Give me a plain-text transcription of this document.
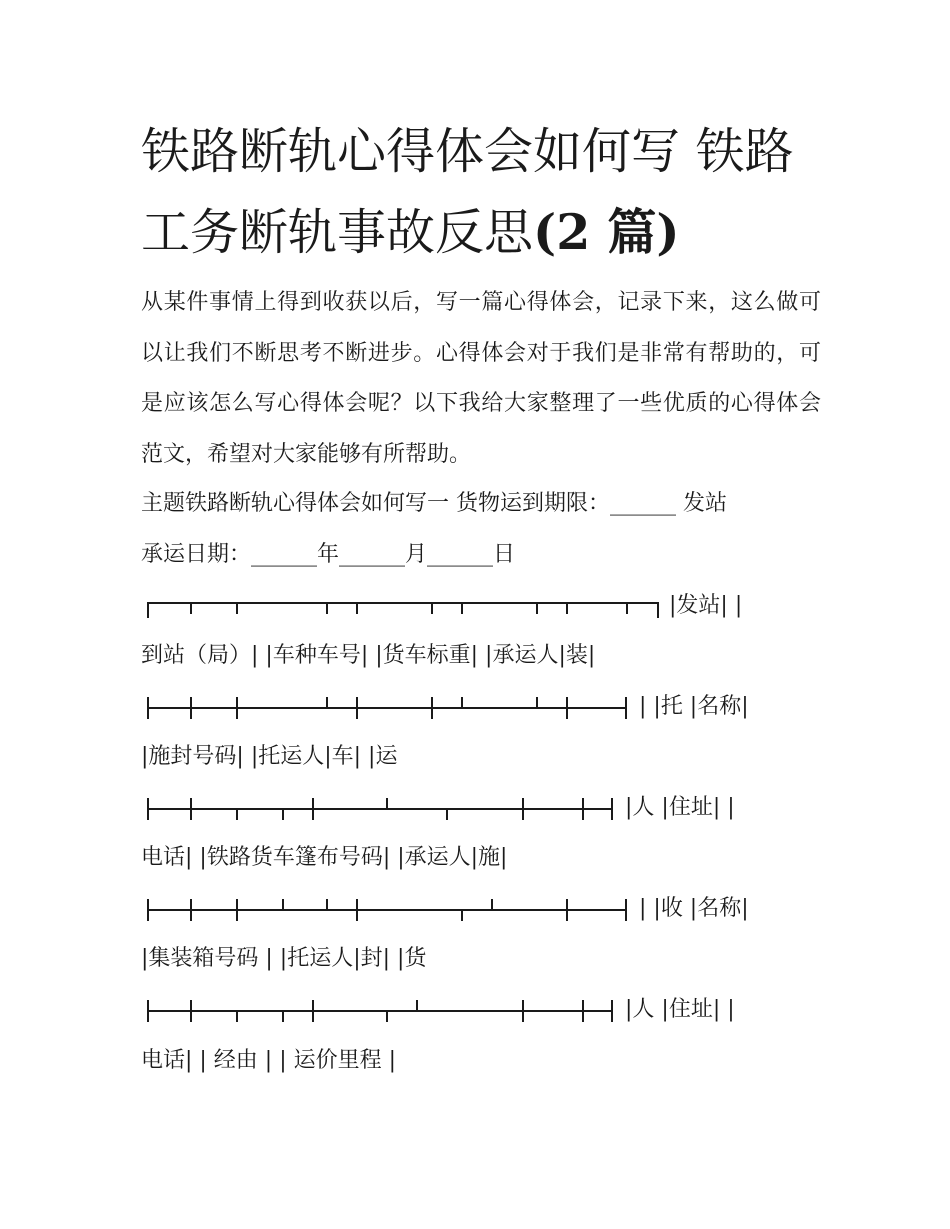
铁路断轨心得体会如何写 铁路工务断轨事故反思(2 篇)

从某件事情上得到收获以后，写一篇心得体会，记录下来，这么做可以让我们不断思考不断进步。心得体会对于我们是非常有帮助的，可是应该怎么写心得体会呢？以下我给大家整理了一些优质的心得体会范文，希望对大家能够有所帮助。

主题铁路断轨心得体会如何写一 货物运到期限：______ 发站
承运日期：______年______月______日
|发站| |
到站（局）| |车种车号| |货车标重| |承运人|装|
| |托 |名称|
|施封号码| |托运人|车| |运
|人 |住址| |
电话| |铁路货车篷布号码| |承运人|施|
| |收 |名称|
|集装箱号码 | |托运人|封| |货
|人 |住址| |
电话| | 经由 | | 运价里程 |
